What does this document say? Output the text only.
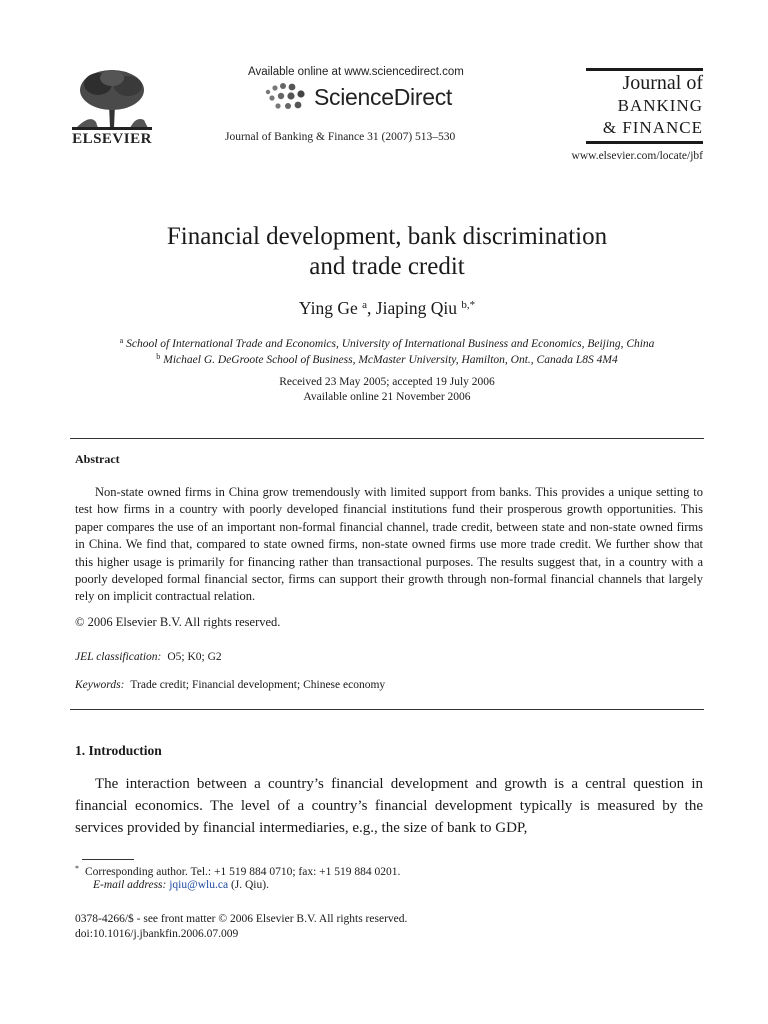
ELSEVIER
Available online at www.sciencedirect.com
ScienceDirect
Journal of Banking & Finance 31 (2007) 513–530
Journal of
BANKING
& FINANCE
www.elsevier.com/locate/jbf
Financial development, bank discrimination
and trade credit
Ying Ge $^a$, Jiaping Qiu $^{b,*}$
$^a$ School of International Trade and Economics, University of International Business and Economics, Beijing, China
$^b$ Michael G. DeGroote School of Business, McMaster University, Hamilton, Ont., Canada L8S 4M4
Received 23 May 2005; accepted 19 July 2006
Available online 21 November 2006
Abstract

Non-state owned firms in China grow tremendously with limited support from banks. This provides a unique setting to test how firms in a country with poorly developed financial institutions fund their prosperous growth opportunities. This paper compares the use of an important non-formal financial channel, trade credit, between state and non-state owned firms in China. We find that, compared to state owned firms, non-state owned firms use more trade credit. We further show that this higher usage is primarily for financing rather than transactional purposes. The results suggest that, in a country with a poorly developed formal financial sector, firms can support their growth through non-formal financial channels that largely rely on implicit contractual relation.

© 2006 Elsevier B.V. All rights reserved.
JEL classification: O5; K0; G2
Keywords: Trade credit; Financial development; Chinese economy
1. Introduction

The interaction between a country’s financial development and growth is a central question in financial economics. The level of a country’s financial development typically is measured by the services provided by financial intermediaries, e.g., the size of bank to GDP,

* Corresponding author. Tel.: +1 519 884 0710; fax: +1 519 884 0201.
E-mail address: jqiu@wlu.ca (J. Qiu).
0378-4266/$ - see front matter © 2006 Elsevier B.V. All rights reserved.
doi:10.1016/j.jbankfin.2006.07.009
